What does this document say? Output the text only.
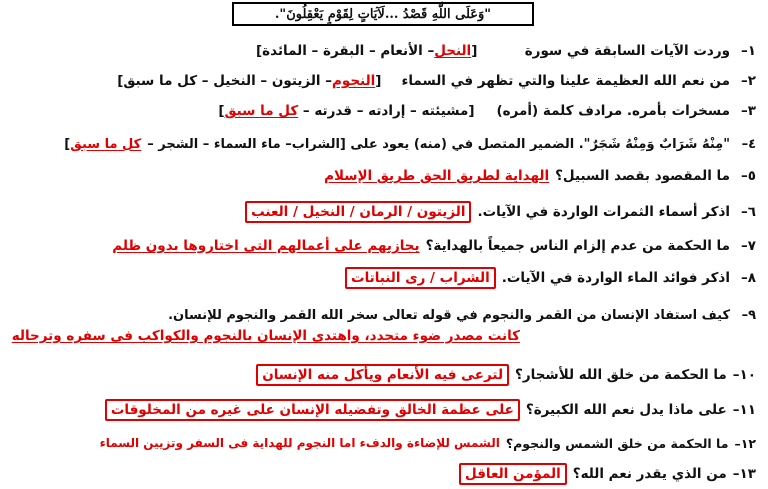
"وَعَلَى اللَّهِ قَصْدُ ...لَآيَاتٍ لِقَوْمٍ يَعْقِلُونَ".
١–
وردت الآيات السابقة في سورة
[النحل– الأنعام – البقرة – المائدة]
٢–
من نعم الله العظيمة علينا والتي تظهر في السماء
[النجوم– الزيتون – النخيل – كل ما سبق]
٣–
مسخرات بأمره. مرادف كلمة (أمره)
[مشيئته – إرادته – قدرته – كل ما سبق]
٤–
"مِنْهُ شَرَابٌ وَمِنْهُ شَجَرٌ". الضمير المتصل في (منه) يعود على [الشراب– ماء السماء – الشجر –
كل ما سبق]
٥–
ما المقصود بقصد السبيل؟
الهداية لطريق الحق طريق الإسلام
٦–
اذكر أسماء الثمرات الواردة في الآيات.
الزيتون / الرمان / النخيل / العنب
٧–
ما الحكمة من عدم إلزام الناس جميعاً بالهداية؟
يجازيهم على أعمالهم التى اختاروها بدون ظلم
٨–
اذكر فوائد الماء الواردة في الآيات.
الشراب / رى النباتات
٩–
كيف استفاد الإنسان من القمر والنجوم في قوله تعالى سخر الله القمر والنجوم للإنسان.
كانت مصدر ضوء متجدد، واهتدى الإنسان بالنجوم والكواكب فى سفره وترحاله
١٠–
ما الحكمة من خلق الله للأشجار؟
لترعى فيه الأنعام ويأكل منه الإنسان
١١–
على ماذا يدل نعم الله الكبيرة؟
على عظمة الخالق وتفضيله الإنسان على غيره من المخلوقات
١٢–
ما الحكمة من خلق الشمس والنجوم؟
الشمس للإضاءة والدفء اما النجوم للهداية فى السفر وتزيين السماء
١٣–
من الذي يقدر نعم الله؟
المؤمن العاقل
